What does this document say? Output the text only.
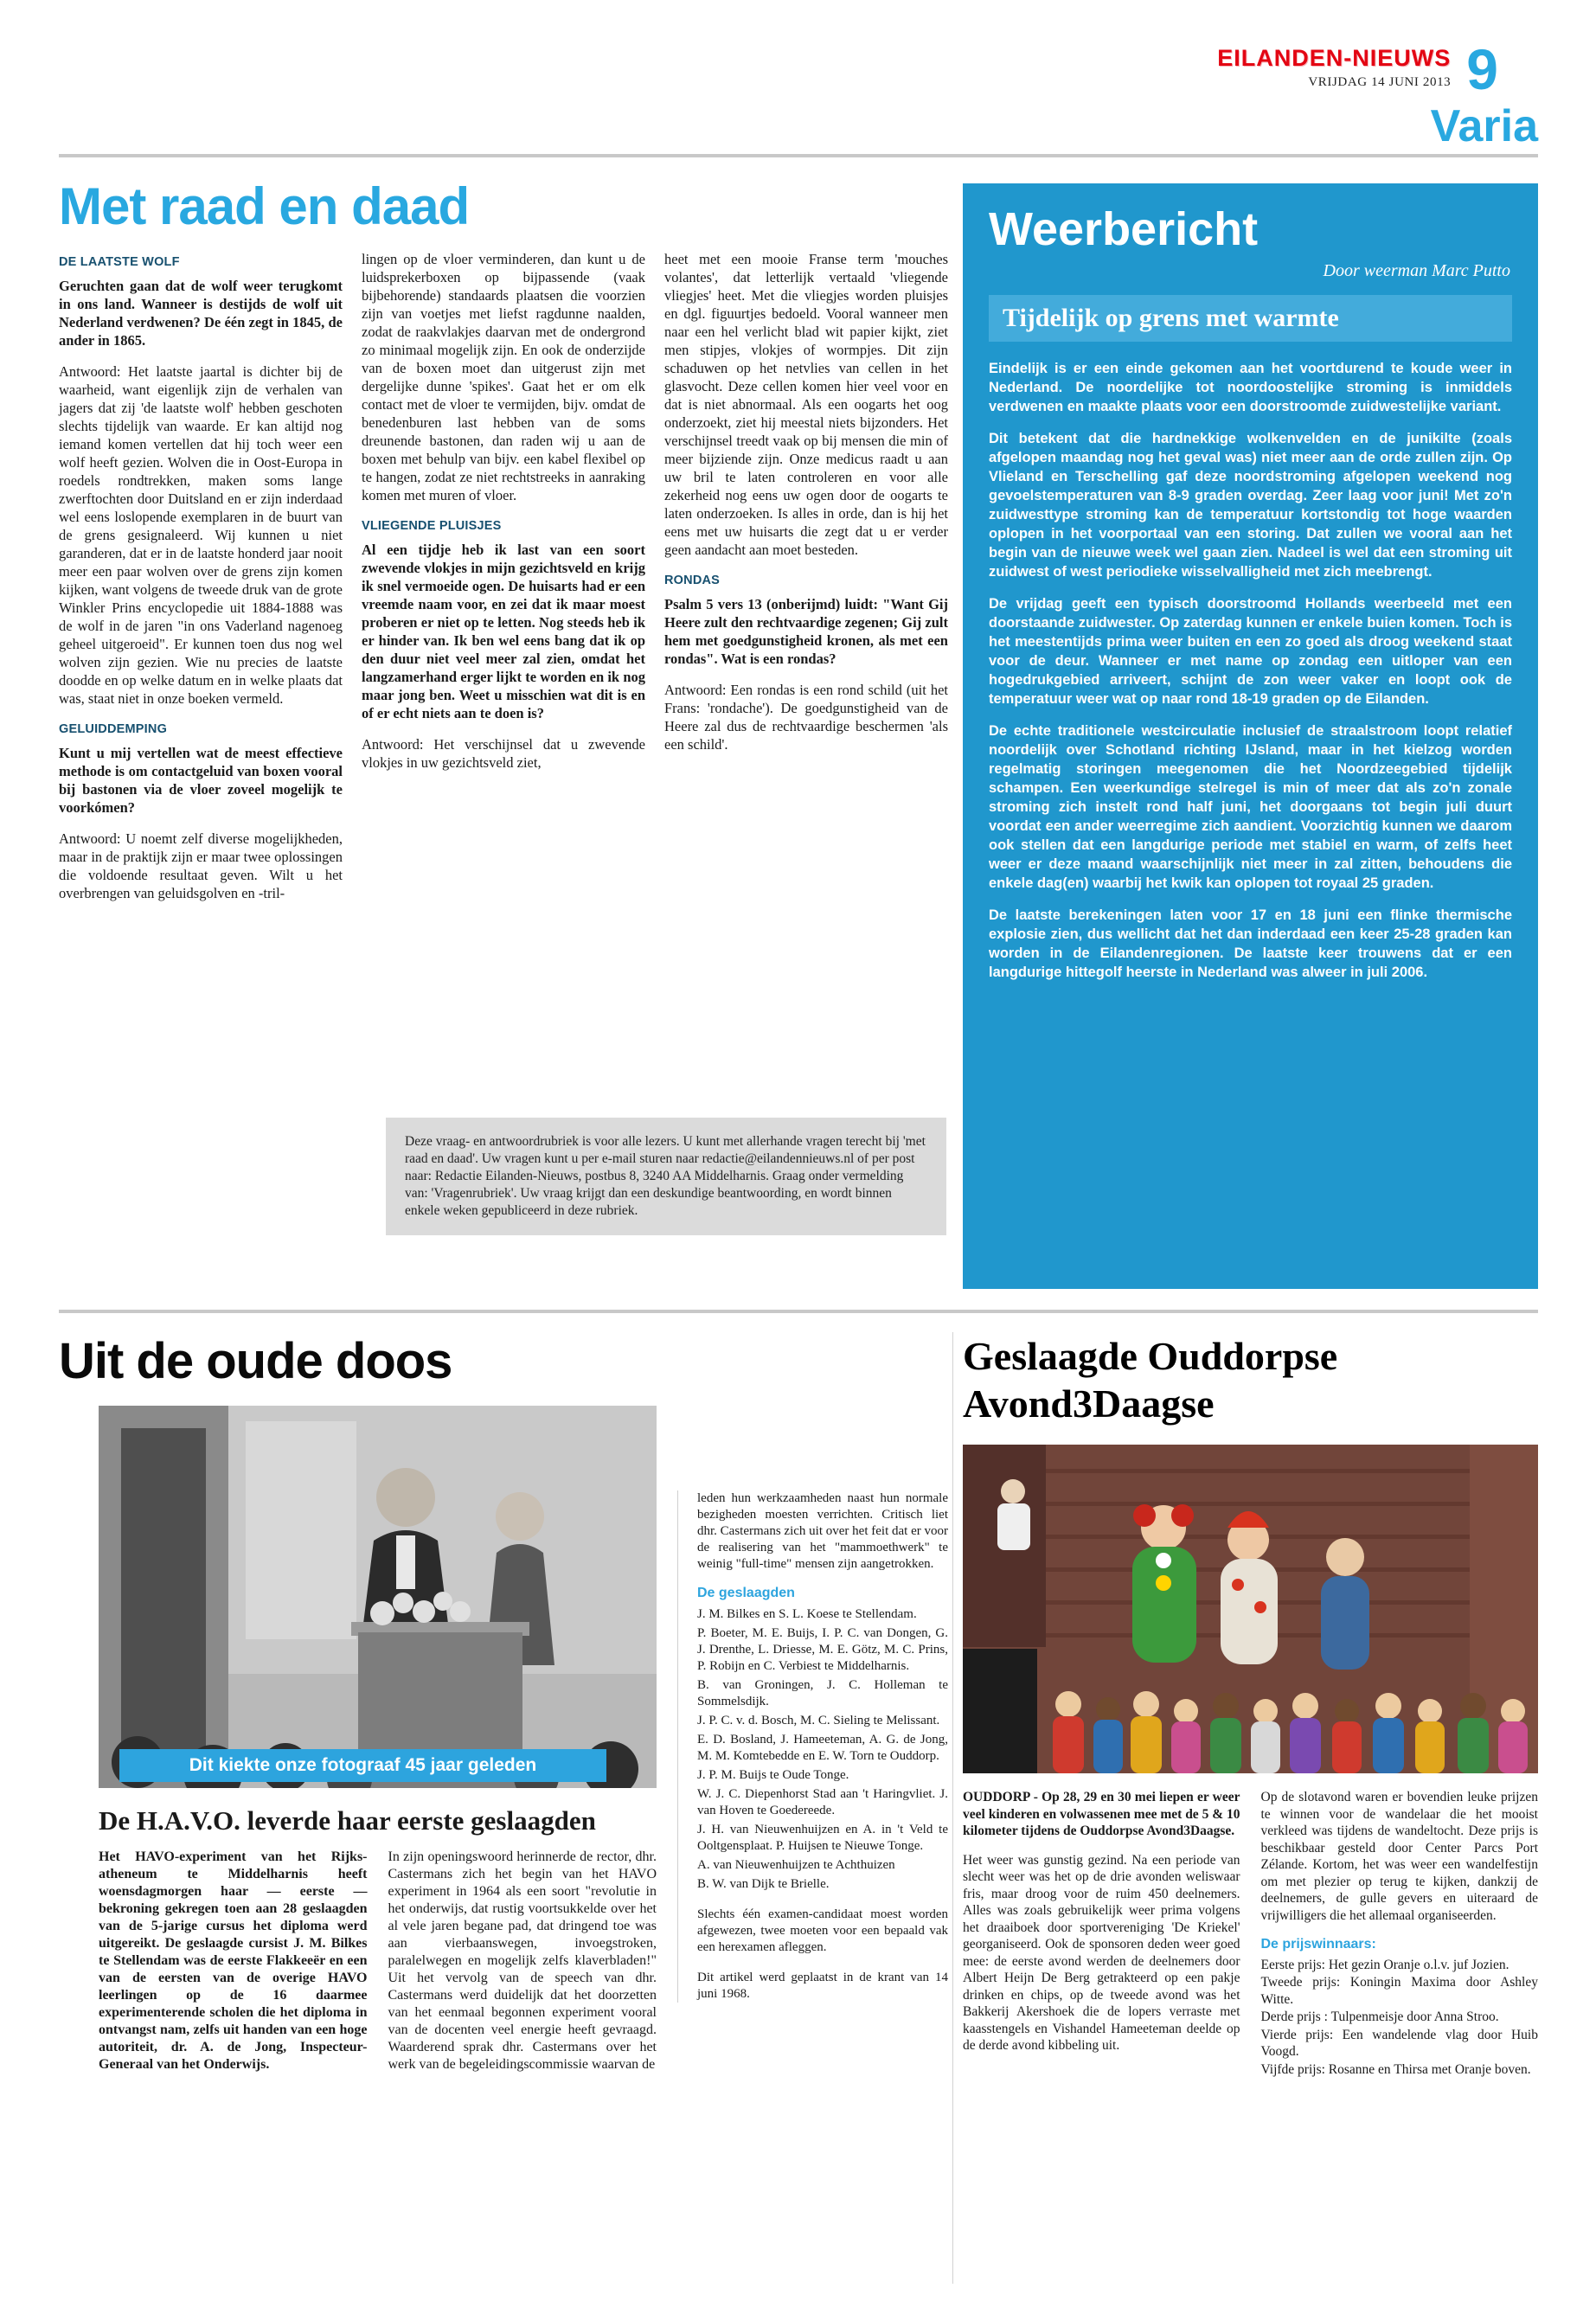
EILANDEN-NIEUWS
VRIJDAG 14 JUNI 2013 9
Varia
Met raad en daad

DE LAATSTE WOLF

Geruchten gaan dat de wolf weer terugkomt in ons land. Wanneer is destijds de wolf uit Nederland verdwenen? De één zegt in 1845, de ander in 1865.

Antwoord: Het laatste jaartal is dichter bij de waarheid, want eigenlijk zijn de verhalen van jagers dat zij 'de laatste wolf' hebben geschoten slechts tijdelijk van waarde. Er kan altijd nog iemand komen vertellen dat hij toch weer een wolf heeft gezien. Wolven die in Oost-Europa in roedels rondtrekken, maken soms lange zwerftochten door Duitsland en er zijn inderdaad wel eens loslopende exemplaren in de buurt van de grens gesignaleerd. Wij kunnen u niet garanderen, dat er in de laatste honderd jaar nooit meer een paar wolven over de grens zijn komen kijken, want volgens de tweede druk van de grote Winkler Prins encyclopedie uit 1884-1888 was de wolf in de jaren "in ons Vaderland nagenoeg geheel uitgeroeid". Er kunnen toen dus nog wel wolven zijn gezien. Wie nu precies de laatste doodde en op welke datum en in welke plaats dat was, staat niet in onze boeken vermeld.

GELUIDDEMPING

Kunt u mij vertellen wat de meest effectieve methode is om contactgeluid van boxen vooral bij bastonen via de vloer zoveel mogelijk te voorkómen?

Antwoord: U noemt zelf diverse mogelijkheden, maar in de praktijk zijn er maar twee oplossingen die voldoende resultaat geven. Wilt u het overbrengen van geluidsgolven en -tril-

lingen op de vloer verminderen, dan kunt u de luidsprekerboxen op bijpassende (vaak bijbehorende) standaards plaatsen die voorzien zijn van voetjes met liefst ragdunne naalden, zodat de raakvlakjes daarvan met de ondergrond zo minimaal mogelijk zijn. En ook de onderzijde van de boxen moet dan uitgerust zijn met dergelijke dunne 'spikes'. Gaat het er om elk contact met de vloer te vermijden, bijv. omdat de benedenburen last hebben van de soms dreunende bastonen, dan raden wij u aan de boxen met behulp van bijv. een kabel flexibel op te hangen, zodat ze niet rechtstreeks in aanraking komen met muren of vloer.

VLIEGENDE PLUISJES

Al een tijdje heb ik last van een soort zwevende vlokjes in mijn gezichtsveld en krijg ik snel vermoeide ogen. De huisarts had er een vreemde naam voor, en zei dat ik maar moest proberen er niet op te letten. Nog steeds heb ik er hinder van. Ik ben wel eens bang dat ik op den duur niet veel meer zal zien, omdat het langzamerhand erger lijkt te worden en ik nog maar jong ben. Weet u misschien wat dit is en of er echt niets aan te doen is?

Antwoord: Het verschijnsel dat u zwevende vlokjes in uw gezichtsveld ziet,

heet met een mooie Franse term 'mouches volantes', dat letterlijk vertaald 'vliegende vliegjes' heet. Met die vliegjes worden pluisjes en dgl. figuurtjes bedoeld. Vooral wanneer men naar een hel verlicht blad wit papier kijkt, ziet men stipjes, vlokjes of wormpjes. Dit zijn schaduwen op het netvlies van cellen in het glasvocht. Deze cellen komen hier veel voor en dat is niet abnormaal. Als een oogarts het oog onderzoekt, ziet hij meestal niets bijzonders. Het verschijnsel treedt vaak op bij mensen die min of meer bijziende zijn. Onze medicus raadt u aan uw bril te laten controleren en voor alle zekerheid nog eens uw ogen door de oogarts te laten onderzoeken. Is alles in orde, dan is hij het eens met uw huisarts die zegt dat u er verder geen aandacht aan moet besteden.

RONDAS

Psalm 5 vers 13 (onberijmd) luidt: "Want Gij Heere zult den rechtvaardige zegenen; Gij zult hem met goedgunstigheid kronen, als met een rondas". Wat is een rondas?

Antwoord: Een rondas is een rond schild (uit het Frans: 'rondache'). De goedgunstigheid van de Heere zal dus de rechtvaardige beschermen 'als een schild'.

Deze vraag- en antwoordrubriek is voor alle lezers. U kunt met allerhande vragen terecht bij 'met raad en daad'. Uw vragen kunt u per e-mail sturen naar redactie@eilandennieuws.nl of per post naar: Redactie Eilanden-Nieuws, postbus 8, 3240 AA Middelharnis. Graag onder vermelding van: 'Vragenrubriek'. Uw vraag krijgt dan een deskundige beantwoording, en wordt binnen enkele weken gepubliceerd in deze rubriek.
Weerbericht
Door weerman Marc Putto
Tijdelijk op grens met warmte

Eindelijk is er een einde gekomen aan het voortdurend te koude weer in Nederland. De noordelijke tot noordoostelijke stroming is inmiddels verdwenen en maakte plaats voor een doorstroomde zuidwestelijke variant.

Dit betekent dat die hardnekkige wolkenvelden en de junikilte (zoals afgelopen maandag nog het geval was) niet meer aan de orde zullen zijn. Op Vlieland en Terschelling gaf deze noordstroming afgelopen weekend nog gevoelstemperaturen van 8-9 graden overdag. Zeer laag voor juni! Met zo'n zuidwesttype stroming kan de temperatuur kortstondig tot hoge waarden oplopen in het voorportaal van een storing. Dat zullen we vooral aan het begin van de nieuwe week wel gaan zien. Nadeel is wel dat een stroming uit zuidwest of west periodieke wisselvalligheid met zich meebrengt.

De vrijdag geeft een typisch doorstroomd Hollands weerbeeld met een doorstaande zuidwester. Op zaterdag kunnen er enkele buien komen. Toch is het meestentijds prima weer buiten en een zo goed als droog weekend staat voor de deur. Wanneer er met name op zondag een uitloper van een hogedrukgebied arriveert, schijnt de zon weer vaker en loopt ook de temperatuur weer wat op naar rond 18-19 graden op de Eilanden.

De echte traditionele westcirculatie inclusief de straalstroom loopt relatief noordelijk over Schotland richting IJsland, maar in het kielzog worden regelmatig storingen meegenomen die het Noordzeegebied tijdelijk schampen. Een weerkundige stelregel is min of meer dat als zo'n zonale stroming zich instelt rond half juni, het doorgaans tot begin juli duurt voordat een ander weerregime zich aandient. Voorzichtig kunnen we daarom ook stellen dat een langdurige periode met stabiel en warm, of zelfs heet weer er deze maand waarschijnlijk niet meer in zal zitten, behoudens die enkele dag(en) waarbij het kwik kan oplopen tot royaal 25 graden.

De laatste berekeningen laten voor 17 en 18 juni een flinke thermische explosie zien, dus wellicht dat het dan inderdaad een keer 25-28 graden kan worden in de Eilandenregionen. De laatste keer trouwens dat er een langdurige hittegolf heerste in Nederland was alweer in juli 2006.

Uit de oude doos
Dit kiekte onze fotograaf 45 jaar geleden
De H.A.V.O. leverde haar eerste geslaagden

Het HAVO-experiment van het Rijks-atheneum te Middelharnis heeft woensdagmorgen haar — eerste — bekroning gekregen toen aan 28 geslaagden van de 5-jarige cursus het diploma werd uitgereikt. De geslaagde cursist J. M. Bilkes te Stellendam was de eerste Flakkeeër en een van de eersten van de overige HAVO leerlingen op de 16 daarmee experimenterende scholen die het diploma in ontvangst nam, zelfs uit handen van een hoge autoriteit, dr. A. de Jong, Inspecteur-Generaal van het Onderwijs.

In zijn openingswoord herinnerde de rector, dhr. Castermans zich het begin van het HAVO experiment in 1964 als een soort "revolutie in het onderwijs, dat rustig voortsukkelde over het al vele jaren begane pad, dat dringend toe was aan vierbaanswegen, invoegstroken, paralelwegen en mogelijk zelfs klaverbladen!" Uit het vervolg van de speech van dhr. Castermans werd duidelijk dat het doorzetten van het eenmaal begonnen experiment vooral van de docenten veel energie heeft gevraagd. Waarderend sprak dhr. Castermans over het werk van de begeleidingscommissie waarvan de

leden hun werkzaamheden naast hun normale bezigheden moesten verrichten. Critisch liet dhr. Castermans zich uit over het feit dat er voor de realisering van het "mammoethwerk" te weinig "full-time" mensen zijn aangetrokken.

De geslaagden

J. M. Bilkes en S. L. Koese te Stellendam.

P. Boeter, M. E. Buijs, I. P. C. van Dongen, G. J. Drenthe, L. Driesse, M. E. Götz, M. C. Prins, P. Robijn en C. Verbiest te Middelharnis.

B. van Groningen, J. C. Holleman te Sommelsdijk.

J. P. C. v. d. Bosch, M. C. Sieling te Melissant.

E. D. Bosland, J. Hameeteman, A. G. de Jong, M. M. Komtebedde en E. W. Torn te Ouddorp.

J. P. M. Buijs te Oude Tonge.

W. J. C. Diepenhorst Stad aan 't Haringvliet. J. van Hoven te Goedereede.

J. H. van Nieuwenhuijzen en A. in 't Veld te Ooltgensplaat. P. Huijsen te Nieuwe Tonge.

A. van Nieuwenhuijzen te Achthuizen

B. W. van Dijk te Brielle.

Slechts één examen-candidaat moest worden afgewezen, twee moeten voor een bepaald vak een herexamen afleggen.

Dit artikel werd geplaatst in de krant van 14 juni 1968.

Geslaagde Ouddorpse
Avond3Daagse

OUDDORP - Op 28, 29 en 30 mei liepen er weer veel kinderen en volwassenen mee met de 5 & 10 kilometer tijdens de Ouddorpse Avond3Daagse.

Het weer was gunstig gezind. Na een periode van slecht weer was het op de drie avonden weliswaar fris, maar droog voor de ruim 450 deelnemers. Alles was zoals gebruikelijk weer prima volgens het draaiboek door sportvereniging 'De Kriekel' georganiseerd. Ook de sponsoren deden weer goed mee: de eerste avond werden de deelnemers door Albert Heijn De Berg getrakteerd op een pakje drinken en chips, op de tweede avond was het Bakkerij Akershoek die de lopers verraste met kaasstengels en Vishandel Hameeteman deelde op de derde avond kibbeling uit.

Op de slotavond waren er bovendien leuke prijzen te winnen voor de wandelaar die het mooist verkleed was tijdens de wandeltocht. Deze prijs is beschikbaar gesteld door Center Parcs Port Zélande. Kortom, het was weer een wandelfestijn om met plezier op terug te kijken, dankzij de deelnemers, de gulle gevers en uiteraard de vrijwilligers die het allemaal organiseerden.

De prijswinnaars:

Eerste prijs: Het gezin Oranje o.l.v. juf Jozien.

Tweede prijs: Koningin Maxima door Ashley Witte.

Derde prijs : Tulpenmeisje door Anna Stroo.

Vierde prijs: Een wandelende vlag door Huib Voogd.

Vijfde prijs: Rosanne en Thirsa met Oranje boven.
